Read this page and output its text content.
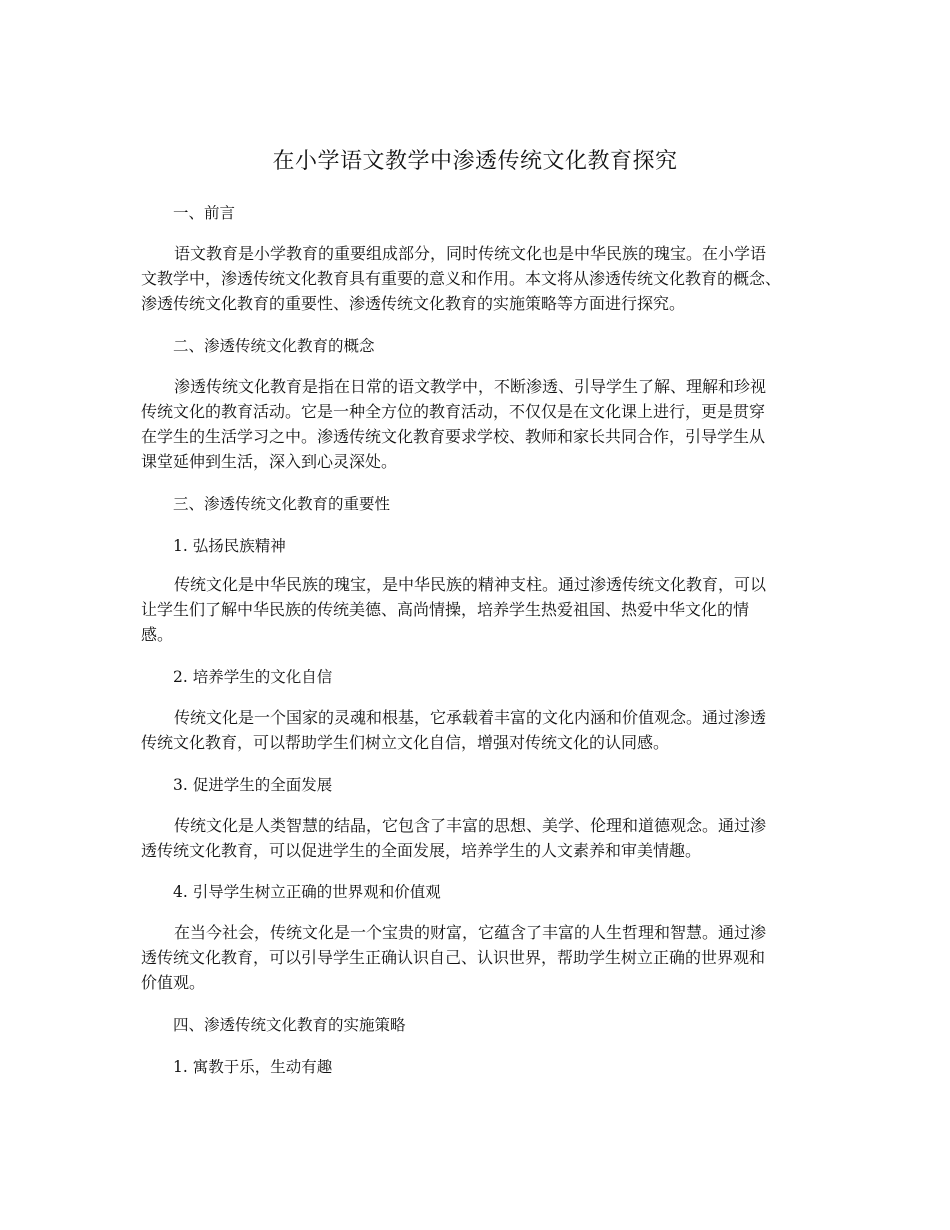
在小学语文教学中渗透传统文化教育探究
一、前言
语文教育是小学教育的重要组成部分，同时传统文化也是中华民族的瑰宝。在小学语
文教学中，渗透传统文化教育具有重要的意义和作用。本文将从渗透传统文化教育的概念、
渗透传统文化教育的重要性、渗透传统文化教育的实施策略等方面进行探究。
二、渗透传统文化教育的概念
渗透传统文化教育是指在日常的语文教学中，不断渗透、引导学生了解、理解和珍视
传统文化的教育活动。它是一种全方位的教育活动，不仅仅是在文化课上进行，更是贯穿
在学生的生活学习之中。渗透传统文化教育要求学校、教师和家长共同合作，引导学生从
课堂延伸到生活，深入到心灵深处。
三、渗透传统文化教育的重要性
1. 弘扬民族精神
传统文化是中华民族的瑰宝，是中华民族的精神支柱。通过渗透传统文化教育，可以
让学生们了解中华民族的传统美德、高尚情操，培养学生热爱祖国、热爱中华文化的情
感。
2. 培养学生的文化自信
传统文化是一个国家的灵魂和根基，它承载着丰富的文化内涵和价值观念。通过渗透
传统文化教育，可以帮助学生们树立文化自信，增强对传统文化的认同感。
3. 促进学生的全面发展
传统文化是人类智慧的结晶，它包含了丰富的思想、美学、伦理和道德观念。通过渗
透传统文化教育，可以促进学生的全面发展，培养学生的人文素养和审美情趣。
4. 引导学生树立正确的世界观和价值观
在当今社会，传统文化是一个宝贵的财富，它蕴含了丰富的人生哲理和智慧。通过渗
透传统文化教育，可以引导学生正确认识自己、认识世界，帮助学生树立正确的世界观和
价值观。
四、渗透传统文化教育的实施策略
1. 寓教于乐，生动有趣
